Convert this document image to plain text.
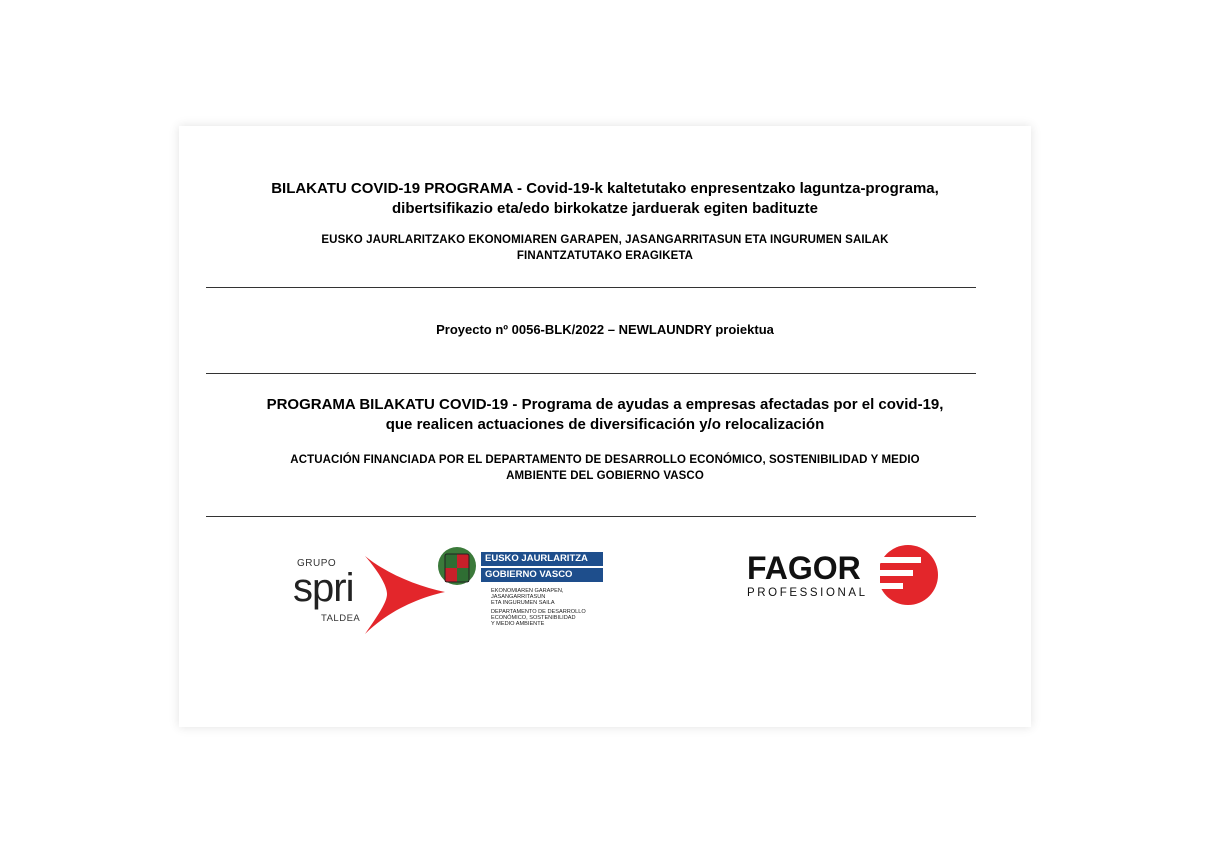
BILAKATU COVID-19 PROGRAMA - Covid-19-k kaltetutako enpresentzako laguntza-programa,
dibertsifikazio eta/edo birkokatze jarduerak egiten badituzte
EUSKO JAURLARITZAKO EKONOMIAREN GARAPEN, JASANGARRITASUN ETA INGURUMEN SAILAK
FINANTZATUTAKO ERAGIKETA
Proyecto nº 0056-BLK/2022 – NEWLAUNDRY proiektua
PROGRAMA BILAKATU COVID-19 - Programa de ayudas a empresas afectadas por el covid-19,
que realicen actuaciones de diversificación y/o relocalización
ACTUACIÓN FINANCIADA POR EL DEPARTAMENTO DE DESARROLLO ECONÓMICO, SOSTENIBILIDAD Y MEDIO
AMBIENTE DEL GOBIERNO VASCO
GRUPO
spri
TALDEA
EUSKO JAURLARITZA
GOBIERNO VASCO
EKONOMIAREN GARAPEN,
JASANGARRITASUN
ETA INGURUMEN SAILA
DEPARTAMENTO DE DESARROLLO
ECONÓMICO, SOSTENIBILIDAD
Y MEDIO AMBIENTE
FAGOR
PROFESSIONAL
